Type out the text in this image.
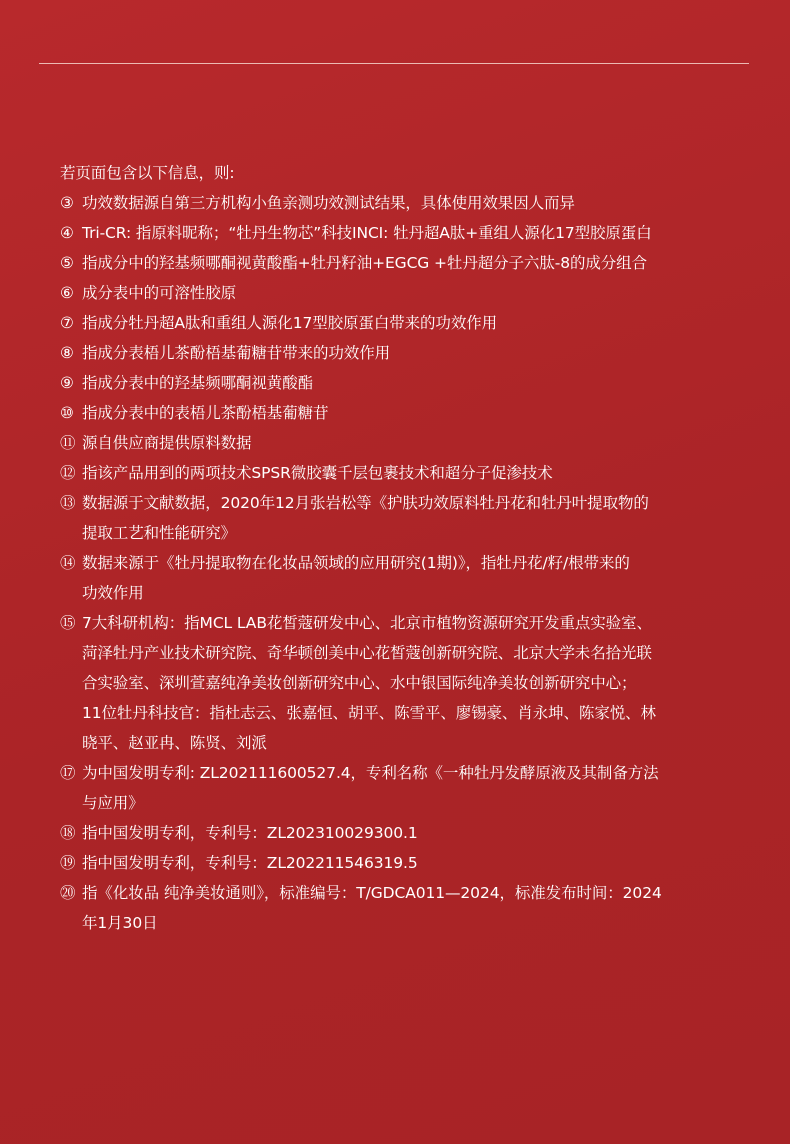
若页面包含以下信息，则:

③ 功效数据源自第三方机构小鱼亲测功效测试结果，具体使用效果因人而异
④ Tri-CR: 指原料昵称；“牡丹生物芯”科技INCI: 牡丹超A肽+重组人源化17型胶原蛋白
⑤ 指成分中的羟基频哪酮视黄酸酯+牡丹籽油+EGCG +牡丹超分子六肽-8的成分组合
⑥ 成分表中的可溶性胶原
⑦ 指成分牡丹超A肽和重组人源化17型胶原蛋白带来的功效作用
⑧ 指成分表梧儿茶酚梧基葡糖苷带来的功效作用
⑨ 指成分表中的羟基频哪酮视黄酸酯
⑩ 指成分表中的表梧儿茶酚梧基葡糖苷
⑪ 源自供应商提供原料数据
⑫ 指该产品用到的两项技术SPSR微胶囊千层包裹技术和超分子促渗技术
⑬ 数据源于文献数据，2020年12月张岩松等《护肤功效原料牡丹花和牡丹叶提取物的
提取工艺和性能研究》
⑭ 数据来源于《牡丹提取物在化妆品领域的应用研究(1期)》，指牡丹花/籽/根带来的
功效作用
⑮ 7大科研机构：指MCL LAB花皙蔻研发中心、北京市植物资源研究开发重点实验室、
菏泽牡丹产业技术研究院、奇华顿创美中心花皙蔻创新研究院、北京大学未名拾光联
合实验室、深圳萱嘉纯净美妆创新研究中心、水中银国际纯净美妆创新研究中心；
11位牡丹科技官：指杜志云、张嘉恒、胡平、陈雪平、廖锡豪、肖永坤、陈家悦、林
晓平、赵亚冉、陈贤、刘派
⑰ 为中国发明专利: ZL202111600527.4，专利名称《一种牡丹发酵原液及其制备方法
与应用》
⑱ 指中国发明专利，专利号：ZL202310029300.1
⑲ 指中国发明专利，专利号：ZL202211546319.5
⑳ 指《化妆品 纯净美妆通则》，标准编号：T/GDCA011—2024，标准发布时间：2024
年1月30日
